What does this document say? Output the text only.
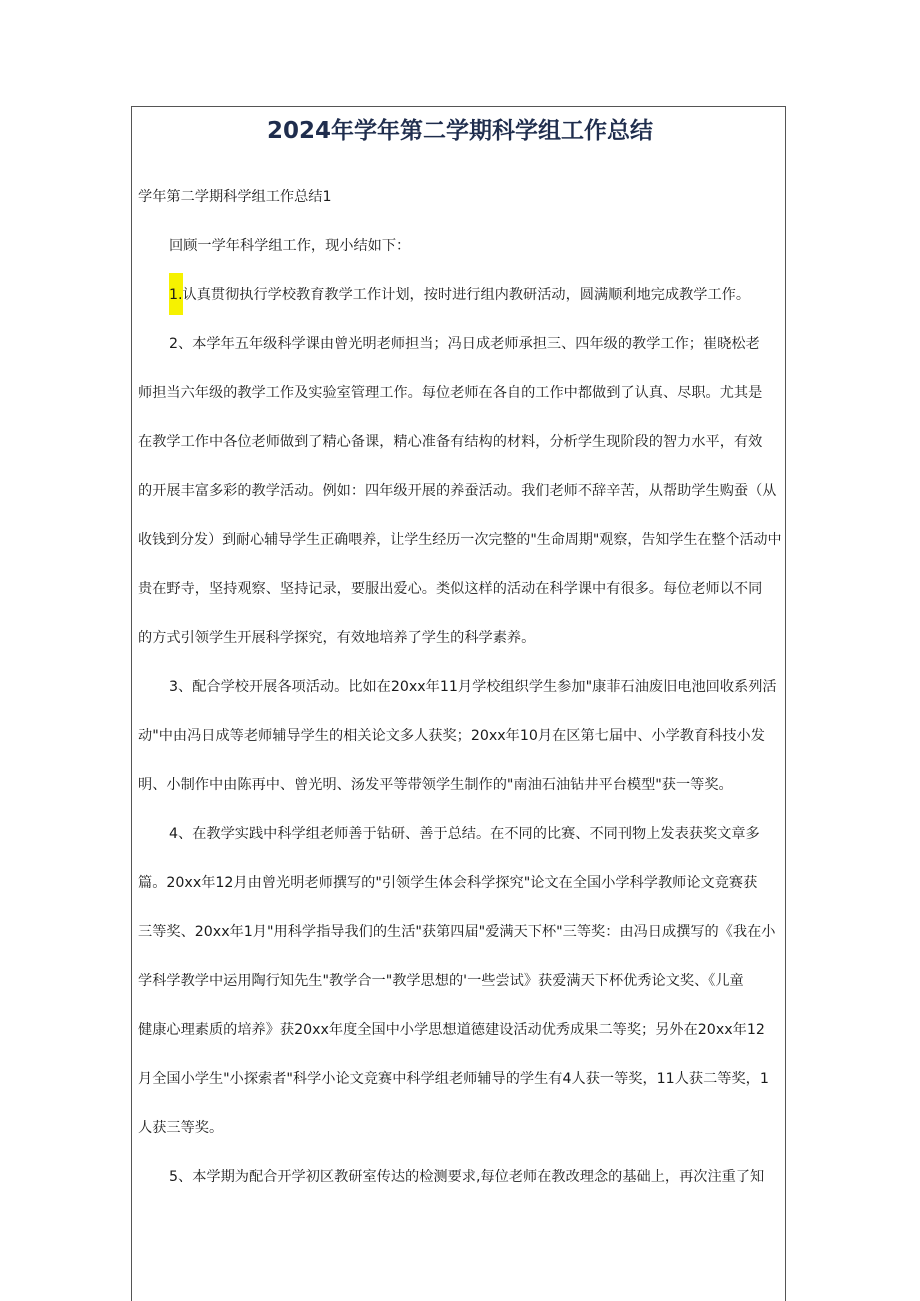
2024年学年第二学期科学组工作总结
学年第二学期科学组工作总结1
回顾一学年科学组工作，现小结如下：
1.认真贯彻执行学校教育教学工作计划，按时进行组内教研活动，圆满顺利地完成教学工作。
2、本学年五年级科学课由曾光明老师担当；冯日成老师承担三、四年级的教学工作；崔晓松老
师担当六年级的教学工作及实验室管理工作。每位老师在各自的工作中都做到了认真、尽职。尤其是
在教学工作中各位老师做到了精心备课，精心准备有结构的材料，分析学生现阶段的智力水平，有效
的开展丰富多彩的教学活动。例如：四年级开展的养蚕活动。我们老师不辞辛苦，从帮助学生购蚕（从
收钱到分发）到耐心辅导学生正确喂养，让学生经历一次完整的"生命周期"观察，告知学生在整个活动中
贵在野寺，坚持观察、坚持记录，要服出爱心。类似这样的活动在科学课中有很多。每位老师以不同
的方式引领学生开展科学探究，有效地培养了学生的科学素养。
3、配合学校开展各项活动。比如在20xx年11月学校组织学生参加"康菲石油废旧电池回收系列活
动"中由冯日成等老师辅导学生的相关论文多人获奖；20xx年10月在区第七届中、小学教育科技小发
明、小制作中由陈再中、曾光明、汤发平等带领学生制作的"南油石油钻井平台模型"获一等奖。
4、在教学实践中科学组老师善于钻研、善于总结。在不同的比赛、不同刊物上发表获奖文章多
篇。20xx年12月由曾光明老师撰写的"引领学生体会科学探究"论文在全国小学科学教师论文竞赛获
三等奖、20xx年1月"用科学指导我们的生活"获第四届"爱满天下杯"三等奖：由冯日成撰写的《我在小
学科学教学中运用陶行知先生"教学合一"教学思想的'一些尝试》获爱满天下杯优秀论文奖、《儿童
健康心理素质的培养》获20xx年度全国中小学思想道德建设活动优秀成果二等奖；另外在20xx年12
月全国小学生"小探索者"科学小论文竞赛中科学组老师辅导的学生有4人获一等奖，11人获二等奖，1
人获三等奖。
5、本学期为配合开学初区教研室传达的检测要求,每位老师在教改理念的基础上，再次注重了知
